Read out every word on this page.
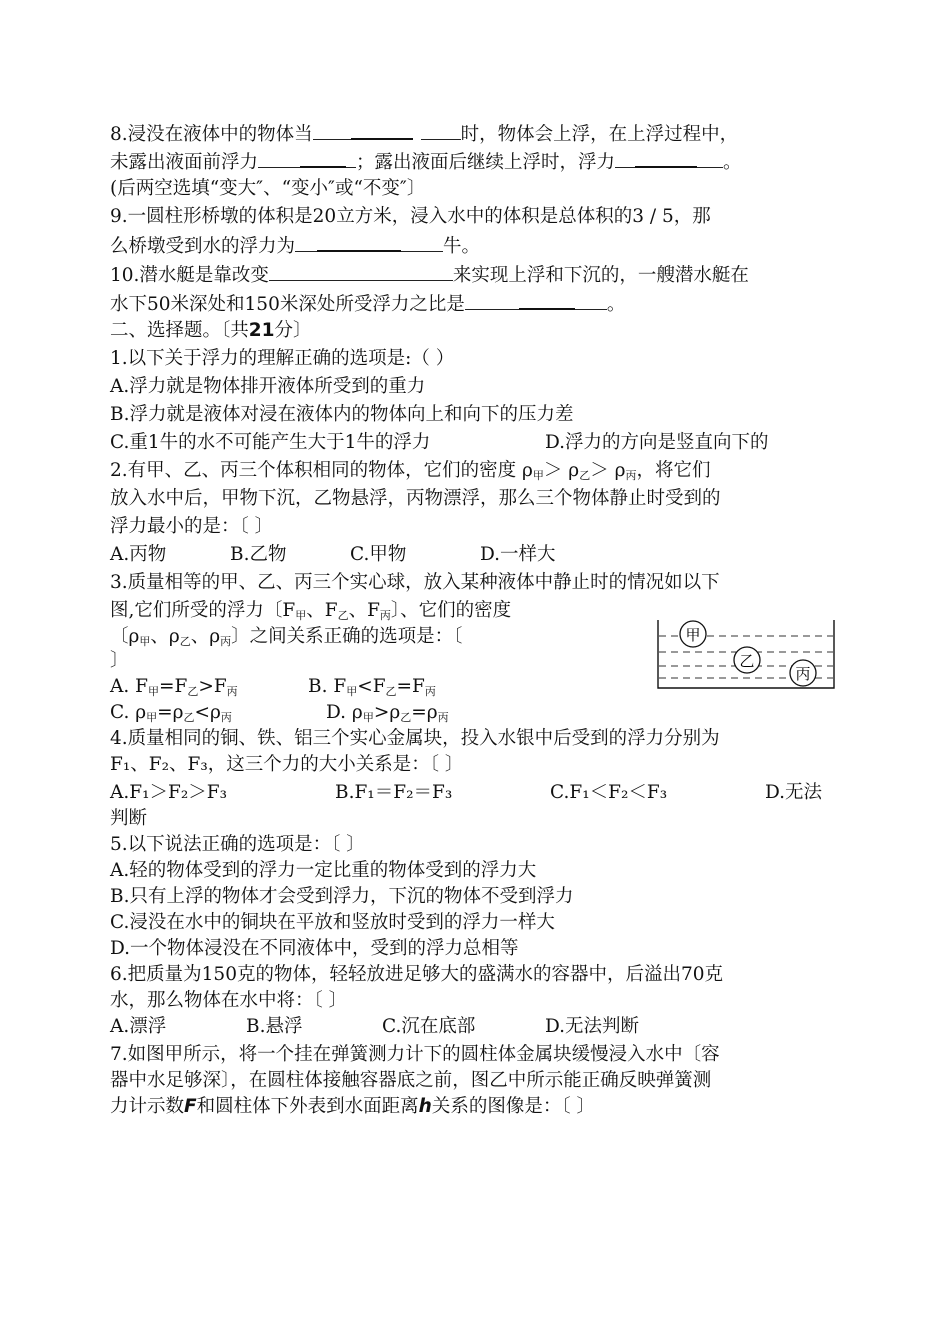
8.浸没在液体中的物体当	时，物体会上浮，在上浮过程中，
未露出液面前浮力	；露出液面后继续上浮时，浮力	。
(后两空选填“变大″、“变小″或“不变″〕
9.一圆柱形桥墩的体积是20立方米，浸入水中的体积是总体积的3 / 5，那
么桥墩受到水的浮力为	牛。
10.潜水艇是靠改变	来实现上浮和下沉的，一艘潜水艇在
水下50米深处和150米深处所受浮力之比是	。
二、选择题。〔共21分〕
1.以下关于浮力的理解正确的选项是:（ ）
A.浮力就是物体排开液体所受到的重力
B.浮力就是液体对浸在液体内的物体向上和向下的压力差
C.重1牛的水不可能产生大于1牛的浮力	D.浮力的方向是竖直向下的
2.有甲、乙、丙三个体积相同的物体，它们的密度 $\rho_甲> \rho_乙> \rho_丙$，将它们
放入水中后，甲物下沉，乙物悬浮，丙物漂浮，那么三个物体静止时受到的
浮力最小的是：〔 〕
A.丙物	B.乙物	C.甲物	D.一样大
3.质量相等的甲、乙、丙三个实心球，放入某种液体中静止时的情况如以下
图,它们所受的浮力〔$F_甲$、$F_乙$、$F_丙$〕、它们的密度
〔$\rho_甲$、$\rho_乙$、$\rho_丙$〕之间关系正确的选项是：〔
〕
A. $F_甲=F_乙>F_丙$	B. $F_甲<F_乙=F_丙$
C. $\rho_甲=\rho_乙<\rho_丙$	D. $\rho_甲>\rho_乙=\rho_丙$
4.质量相同的铜、铁、铝三个实心金属块，投入水银中后受到的浮力分别为
F₁、F₂、F₃，这三个力的大小关系是：〔 〕
A.F₁＞F₂＞F₃	B.F₁＝F₂＝F₃	C.F₁＜F₂＜F₃	D.无法
判断
5.以下说法正确的选项是：〔 〕
A.轻的物体受到的浮力一定比重的物体受到的浮力大
B.只有上浮的物体才会受到浮力，下沉的物体不受到浮力
C.浸没在水中的铜块在平放和竖放时受到的浮力一样大
D.一个物体浸没在不同液体中，受到的浮力总相等
6.把质量为150克的物体，轻轻放进足够大的盛满水的容器中，后溢出70克
水，那么物体在水中将：〔 〕
A.漂浮	B.悬浮	C.沉在底部	D.无法判断
7.如图甲所示，将一个挂在弹簧测力计下的圆柱体金属块缓慢浸入水中〔容
器中水足够深〕，在圆柱体接触容器底之前，图乙中所示能正确反映弹簧测
力计示数F和圆柱体下外表到水面距离h关系的图像是：〔 〕
甲
乙
丙
